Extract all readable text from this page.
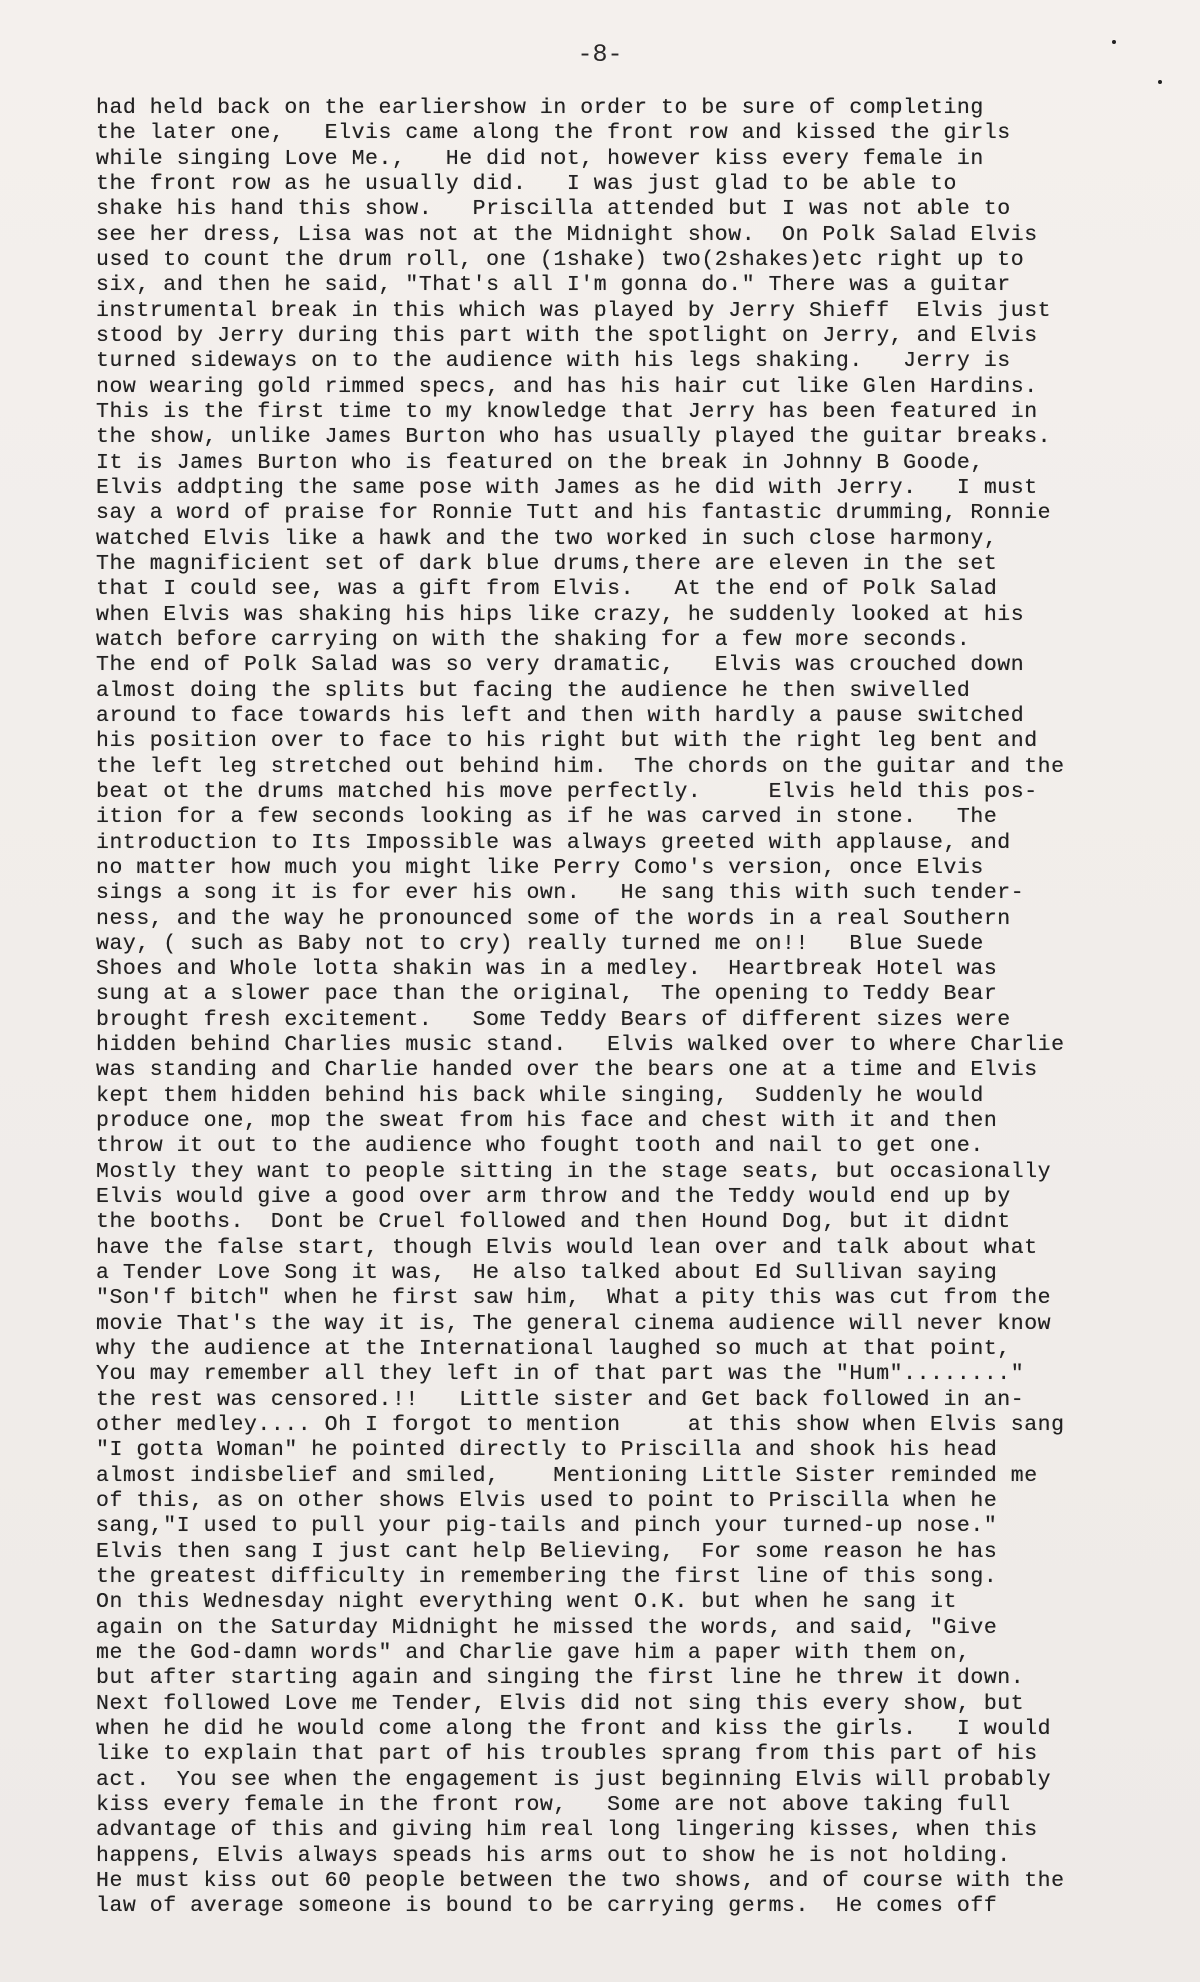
-8-
had held back on the earliershow in order to be sure of completing
the later one,   Elvis came along the front row and kissed the girls
while singing Love Me.,   He did not, however kiss every female in
the front row as he usually did.   I was just glad to be able to
shake his hand this show.   Priscilla attended but I was not able to
see her dress, Lisa was not at the Midnight show.  On Polk Salad Elvis
used to count the drum roll, one (1shake) two(2shakes)etc right up to
six, and then he said, "That's all I'm gonna do." There was a guitar
instrumental break in this which was played by Jerry Shieff  Elvis just
stood by Jerry during this part with the spotlight on Jerry, and Elvis
turned sideways on to the audience with his legs shaking.   Jerry is
now wearing gold rimmed specs, and has his hair cut like Glen Hardins.
This is the first time to my knowledge that Jerry has been featured in
the show, unlike James Burton who has usually played the guitar breaks.
It is James Burton who is featured on the break in Johnny B Goode,
Elvis addpting the same pose with James as he did with Jerry.   I must
say a word of praise for Ronnie Tutt and his fantastic drumming, Ronnie
watched Elvis like a hawk and the two worked in such close harmony,
The magnificient set of dark blue drums,there are eleven in the set
that I could see, was a gift from Elvis.   At the end of Polk Salad
when Elvis was shaking his hips like crazy, he suddenly looked at his
watch before carrying on with the shaking for a few more seconds.
The end of Polk Salad was so very dramatic,   Elvis was crouched down
almost doing the splits but facing the audience he then swivelled
around to face towards his left and then with hardly a pause switched
his position over to face to his right but with the right leg bent and
the left leg stretched out behind him.  The chords on the guitar and the
beat ot the drums matched his move perfectly.     Elvis held this pos-
ition for a few seconds looking as if he was carved in stone.   The
introduction to Its Impossible was always greeted with applause, and
no matter how much you might like Perry Como's version, once Elvis
sings a song it is for ever his own.   He sang this with such tender-
ness, and the way he pronounced some of the words in a real Southern
way, ( such as Baby not to cry) really turned me on!!   Blue Suede
Shoes and Whole lotta shakin was in a medley.  Heartbreak Hotel was
sung at a slower pace than the original,  The opening to Teddy Bear
brought fresh excitement.   Some Teddy Bears of different sizes were
hidden behind Charlies music stand.   Elvis walked over to where Charlie
was standing and Charlie handed over the bears one at a time and Elvis
kept them hidden behind his back while singing,  Suddenly he would
produce one, mop the sweat from his face and chest with it and then
throw it out to the audience who fought tooth and nail to get one.
Mostly they want to people sitting in the stage seats, but occasionally
Elvis would give a good over arm throw and the Teddy would end up by
the booths.  Dont be Cruel followed and then Hound Dog, but it didnt
have the false start, though Elvis would lean over and talk about what
a Tender Love Song it was,  He also talked about Ed Sullivan saying
"Son'f bitch" when he first saw him,  What a pity this was cut from the
movie That's the way it is, The general cinema audience will never know
why the audience at the International laughed so much at that point,
You may remember all they left in of that part was the "Hum"........"
the rest was censored.!!   Little sister and Get back followed in an-
other medley.... Oh I forgot to mention     at this show when Elvis sang
"I gotta Woman" he pointed directly to Priscilla and shook his head
almost indisbelief and smiled,    Mentioning Little Sister reminded me
of this, as on other shows Elvis used to point to Priscilla when he
sang,"I used to pull your pig-tails and pinch your turned-up nose."
Elvis then sang I just cant help Believing,  For some reason he has
the greatest difficulty in remembering the first line of this song.
On this Wednesday night everything went O.K. but when he sang it
again on the Saturday Midnight he missed the words, and said, "Give
me the God-damn words" and Charlie gave him a paper with them on,
but after starting again and singing the first line he threw it down.
Next followed Love me Tender, Elvis did not sing this every show, but
when he did he would come along the front and kiss the girls.   I would
like to explain that part of his troubles sprang from this part of his
act.  You see when the engagement is just beginning Elvis will probably
kiss every female in the front row,   Some are not above taking full
advantage of this and giving him real long lingering kisses, when this
happens, Elvis always speads his arms out to show he is not holding.
He must kiss out 60 people between the two shows, and of course with the
law of average someone is bound to be carrying germs.  He comes off
